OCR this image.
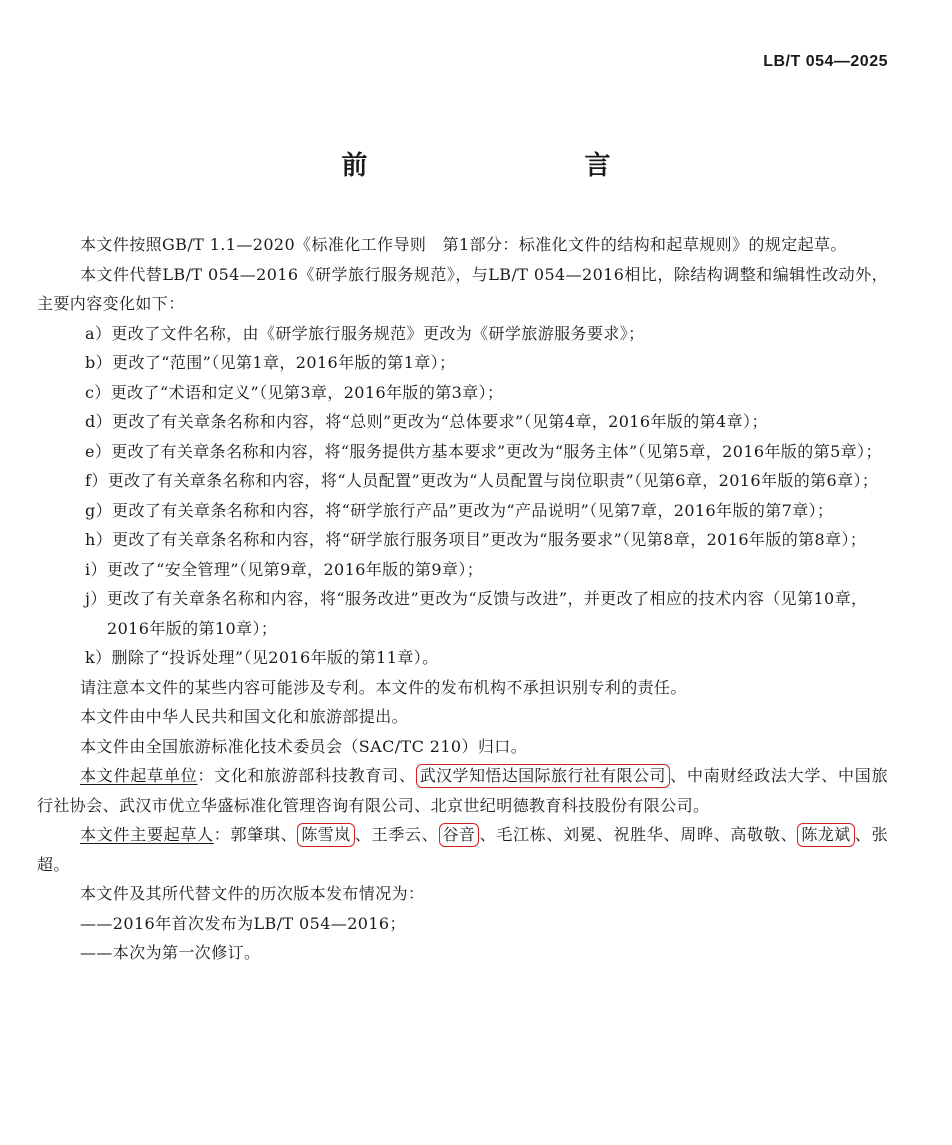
LB/T 054—2025
前　　言
本文件按照GB/T 1.1—2020《标准化工作导则　第1部分：标准化文件的结构和起草规则》的规定起草。
本文件代替LB/T 054—2016《研学旅行服务规范》，与LB/T 054—2016相比，除结构调整和编辑性改动外，主要内容变化如下：
a）更改了文件名称，由《研学旅行服务规范》更改为《研学旅游服务要求》；
b）更改了“范围”（见第1章，2016年版的第1章）；
c）更改了“术语和定义”（见第3章，2016年版的第3章）；
d）更改了有关章条名称和内容，将“总则”更改为“总体要求”（见第4章，2016年版的第4章）；
e）更改了有关章条名称和内容，将“服务提供方基本要求”更改为“服务主体”（见第5章，2016年版的第5章）；
f）更改了有关章条名称和内容，将“人员配置”更改为“人员配置与岗位职责”（见第6章，2016年版的第6章）；
g）更改了有关章条名称和内容，将“研学旅行产品”更改为“产品说明”（见第7章，2016年版的第7章）；
h）更改了有关章条名称和内容，将“研学旅行服务项目”更改为“服务要求”（见第8章，2016年版的第8章）；
i）更改了“安全管理”（见第9章，2016年版的第9章）；
j）更改了有关章条名称和内容，将“服务改进”更改为“反馈与改进”，并更改了相应的技术内容（见第10章，2016年版的第10章）；
k）删除了“投诉处理”（见2016年版的第11章）。
请注意本文件的某些内容可能涉及专利。本文件的发布机构不承担识别专利的责任。
本文件由中华人民共和国文化和旅游部提出。
本文件由全国旅游标准化技术委员会（SAC/TC 210）归口。
本文件起草单位：文化和旅游部科技教育司、 武汉学知悟达国际旅行社有限公司 、中南财经政法大学、中国旅行社协会、武汉市优立华盛标准化管理咨询有限公司、北京世纪明德教育科技股份有限公司。
本文件主要起草人：郭肇琪、 陈雪岚 、王季云、 谷音 、毛江栋、刘冕、祝胜华、周晔、高敬敬、 陈龙斌 、张超。
本文件及其所代替文件的历次版本发布情况为：
——2016年首次发布为LB/T 054—2016；
——本次为第一次修订。
